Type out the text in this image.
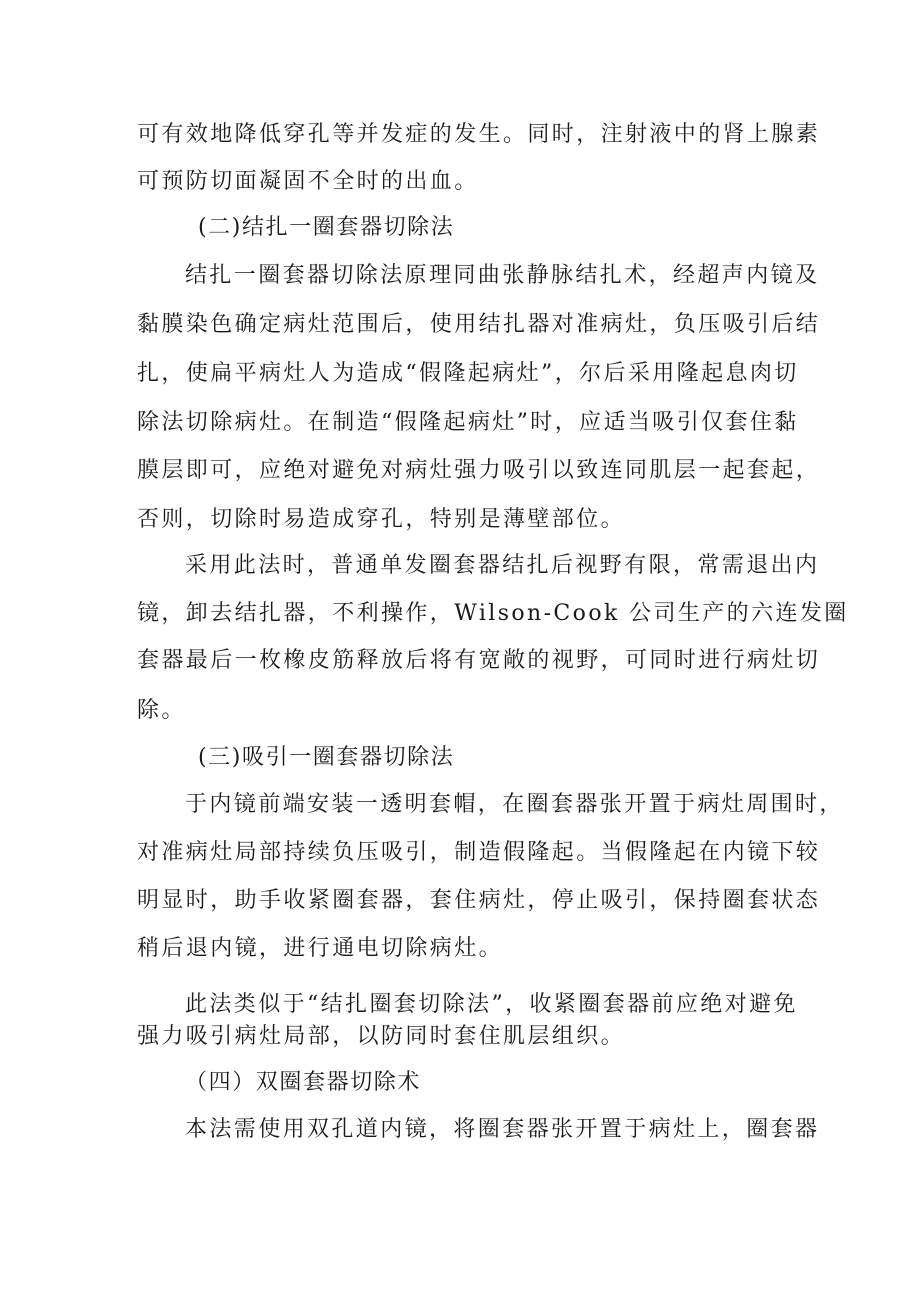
可有效地降低穿孔等并发症的发生。同时，注射液中的肾上腺素

可预防切面凝固不全时的出血。

(二)结扎一圈套器切除法

结扎一圈套器切除法原理同曲张静脉结扎术，经超声内镜及

黏膜染色确定病灶范围后，使用结扎器对准病灶，负压吸引后结

扎，使扁平病灶人为造成“假隆起病灶”，尔后采用隆起息肉切

除法切除病灶。在制造“假隆起病灶”时，应适当吸引仅套住黏

膜层即可，应绝对避免对病灶强力吸引以致连同肌层一起套起，

否则，切除时易造成穿孔，特别是薄壁部位。

采用此法时，普通单发圈套器结扎后视野有限，常需退出内

镜，卸去结扎器，不利操作，Wilson-Cook 公司生产的六连发圈

套器最后一枚橡皮筋释放后将有宽敞的视野，可同时进行病灶切

除。

(三)吸引一圈套器切除法

于内镜前端安装一透明套帽，在圈套器张开置于病灶周围时，

对准病灶局部持续负压吸引，制造假隆起。当假隆起在内镜下较

明显时，助手收紧圈套器，套住病灶，停止吸引，保持圈套状态

稍后退内镜，进行通电切除病灶。

此法类似于“结扎圈套切除法”，收紧圈套器前应绝对避免

强力吸引病灶局部，以防同时套住肌层组织。

（四）双圈套器切除术

本法需使用双孔道内镜，将圈套器张开置于病灶上，圈套器
